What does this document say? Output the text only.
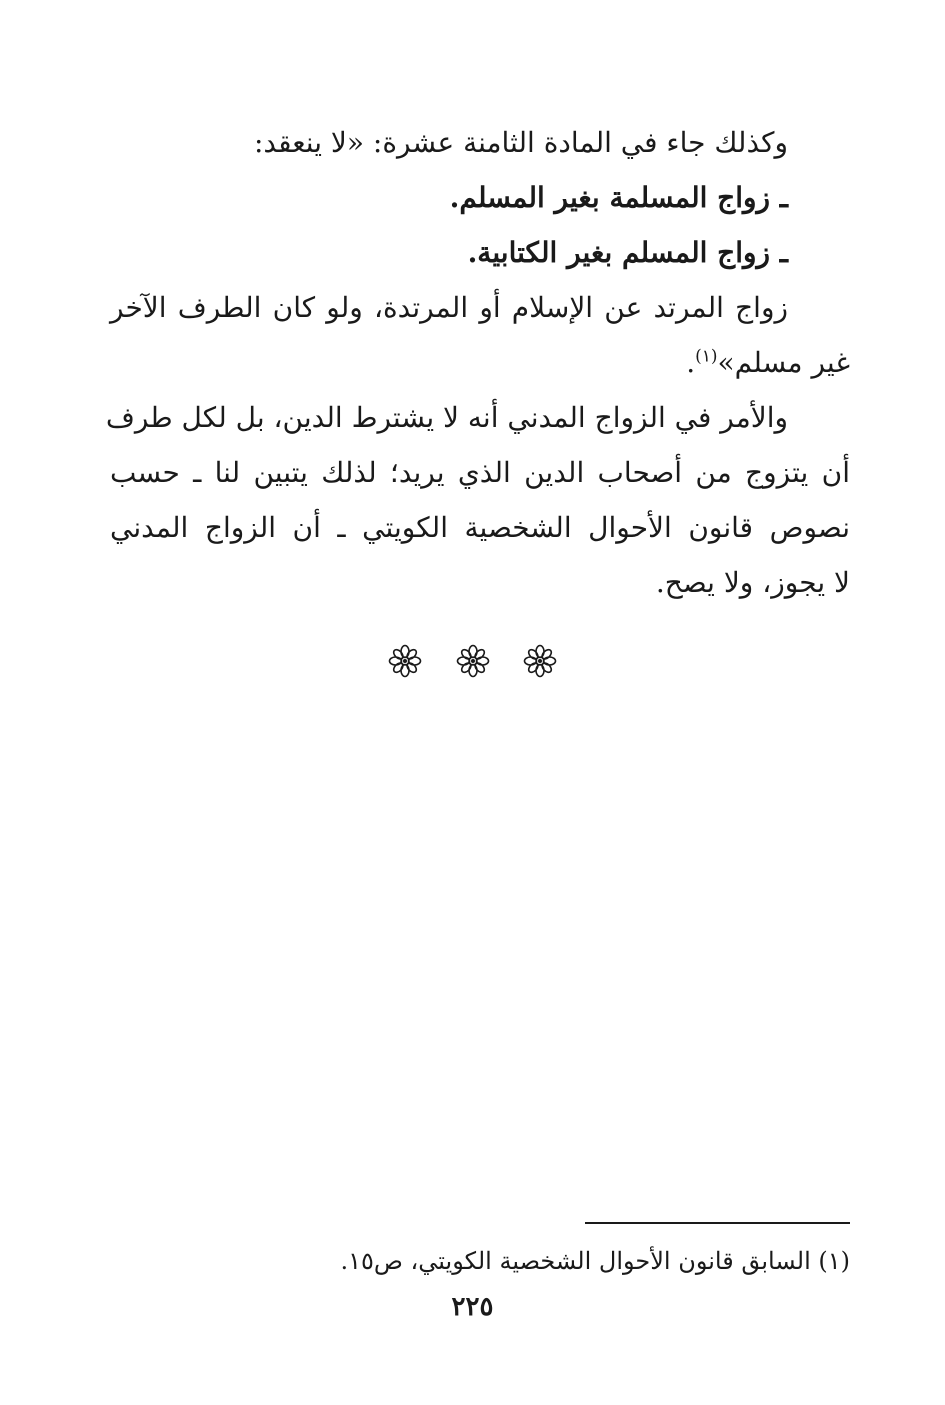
وكذلك جاء في المادة الثامنة عشرة: «لا ينعقد:
ـ زواج المسلمة بغير المسلم.
ـ زواج المسلم بغير الكتابية.
زواج المرتد عن الإسلام أو المرتدة، ولو كان الطرف الآخر
غير مسلم»$^{(١)}$.
والأمر في الزواج المدني أنه لا يشترط الدين، بل لكل طرف
أن يتزوج من أصحاب الدين الذي يريد؛ لذلك يتبين لنا ـ حسب
نصوص قانون الأحوال الشخصية الكويتي ـ أن الزواج المدني
لا يجوز، ولا يصح.

(١) السابق قانون الأحوال الشخصية الكويتي، ص١٥.
٢٢٥
